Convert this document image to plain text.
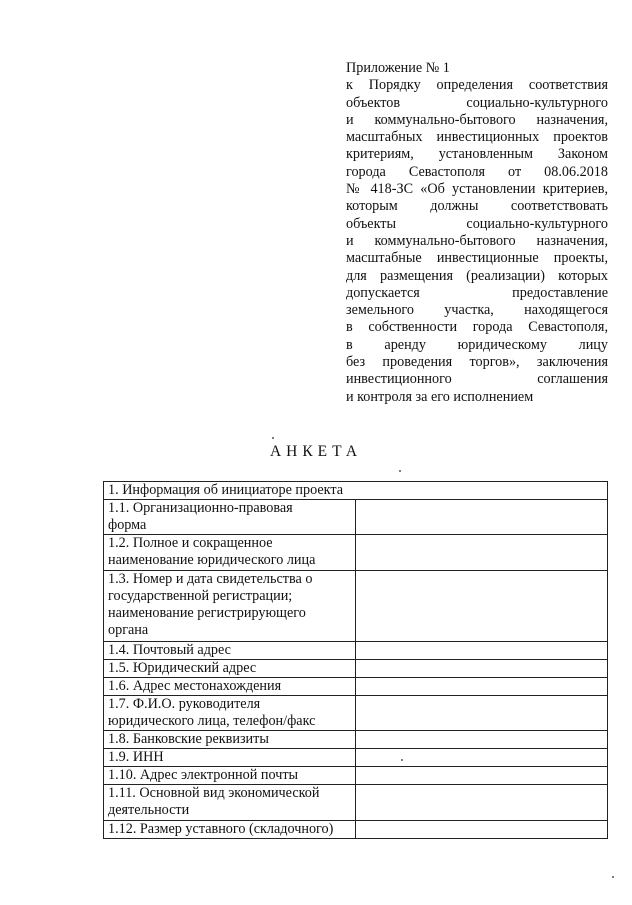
Приложение № 1
к Порядку определения соответствия
объектов социально-культурного
и коммунально-бытового назначения,
масштабных инвестиционных проектов
критериям, установленным Законом
города Севастополя от 08.06.2018
№ 418-ЗС «Об установлении критериев,
которым должны соответствовать
объекты социально-культурного
и коммунально-бытового назначения,
масштабные инвестиционные проекты,
для размещения (реализации) которых
допускается предоставление
земельного участка, находящегося
в собственности города Севастополя,
в аренду юридическому лицу
без проведения торгов», заключения
инвестиционного соглашения
и контроля за его исполнением
АНКЕТА
1. Информация об инициаторе проекта	
1.1. Организационно-правовая
форма	
1.2. Полное и сокращенное
наименование юридического лица	
1.3. Номер и дата свидетельства о
государственной регистрации;
наименование регистрирующего
органа	
1.4. Почтовый адрес	
1.5. Юридический адрес	
1.6. Адрес местонахождения	
1.7. Ф.И.О. руководителя
юридического лица, телефон/факс	
1.8. Банковские реквизиты	
1.9. ИНН	
1.10. Адрес электронной почты	
1.11. Основной вид экономической
деятельности	
1.12. Размер уставного (складочного)	
